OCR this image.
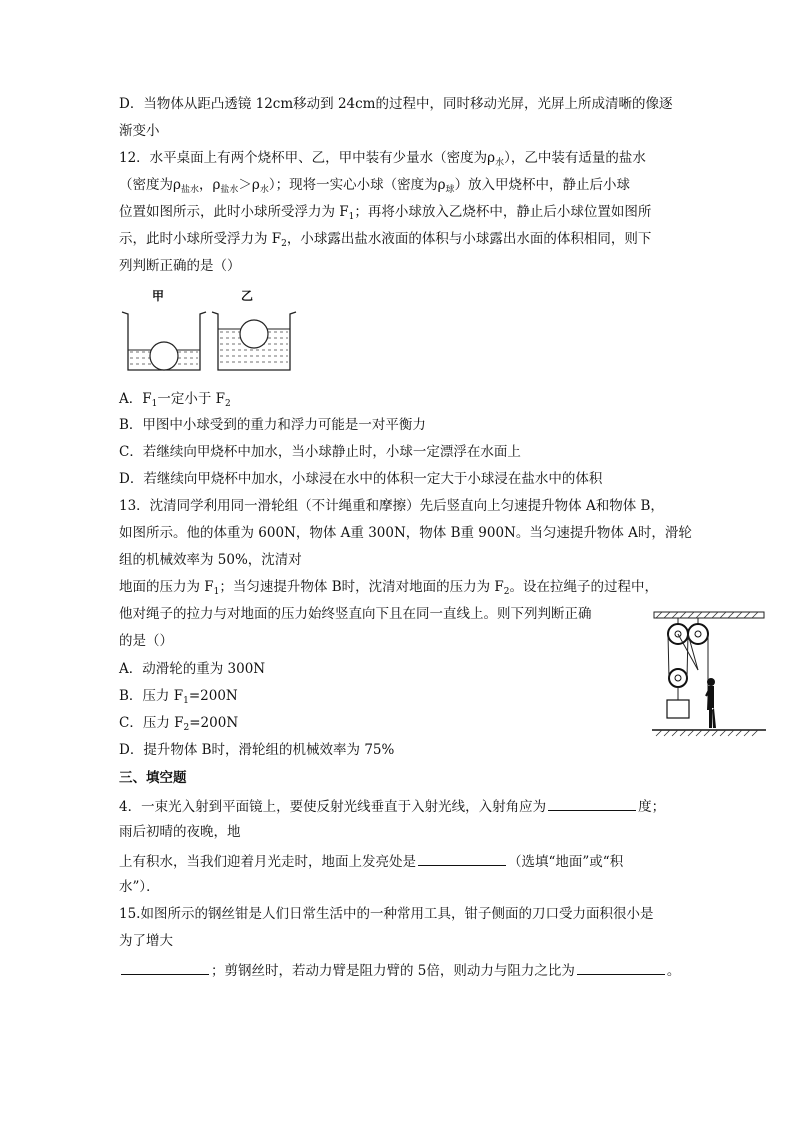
D．当物体从距凸透镜 12cm移动到 24cm的过程中，同时移动光屏，光屏上所成清晰的像逐
渐变小
12．水平桌面上有两个烧杯甲、乙，甲中装有少量水（密度为$\rho_水$），乙中装有适量的盐水
（密度为$\rho_{盐水}$，$\rho_{盐水}>\rho_水$）；现将一实心小球（密度为$\rho_球$）放入甲烧杯中，静止后小球
位置如图所示，此时小球所受浮力为 $F_1$；再将小球放入乙烧杯中，静止后小球位置如图所
示，此时小球所受浮力为 $F_2$，小球露出盐水液面的体积与小球露出水面的体积相同，则下
列判断正确的是（）
甲	乙
A．$F_1$一定小于 $F_2$
B．甲图中小球受到的重力和浮力可能是一对平衡力
C．若继续向甲烧杯中加水，当小球静止时，小球一定漂浮在水面上
D．若继续向甲烧杯中加水，小球浸在水中的体积一定大于小球浸在盐水中的体积
13．沈清同学利用同一滑轮组（不计绳重和摩擦）先后竖直向上匀速提升物体 A和物体 B，
如图所示。他的体重为 600N，物体 A重 300N，物体 B重 900N。当匀速提升物体 A时，滑轮
组的机械效率为 50%，沈清对
地面的压力为 $F_1$；当匀速提升物体 B时，沈清对地面的压力为 $F_2$。设在拉绳子的过程中，
他对绳子的拉力与对地面的压力始终竖直向下且在同一直线上。则下列判断正确
的是（）
A．动滑轮的重为 300N
B．压力 $F_1=200N$
C．压力 $F_2=200N$
D．提升物体 B时，滑轮组的机械效率为 75%
三、填空题
4．一束光入射到平面镜上，要使反射光线垂直于入射光线，入射角应为	度；
雨后初晴的夜晚，地
上有积水，当我们迎着月光走时，地面上发亮处是	（选填“地面”或“积
水”）．
15.如图所示的钢丝钳是人们日常生活中的一种常用工具，钳子侧面的刀口受力面积很小是
为了增大
；剪钢丝时，若动力臂是阻力臂的 5倍，则动力与阻力之比为	。
